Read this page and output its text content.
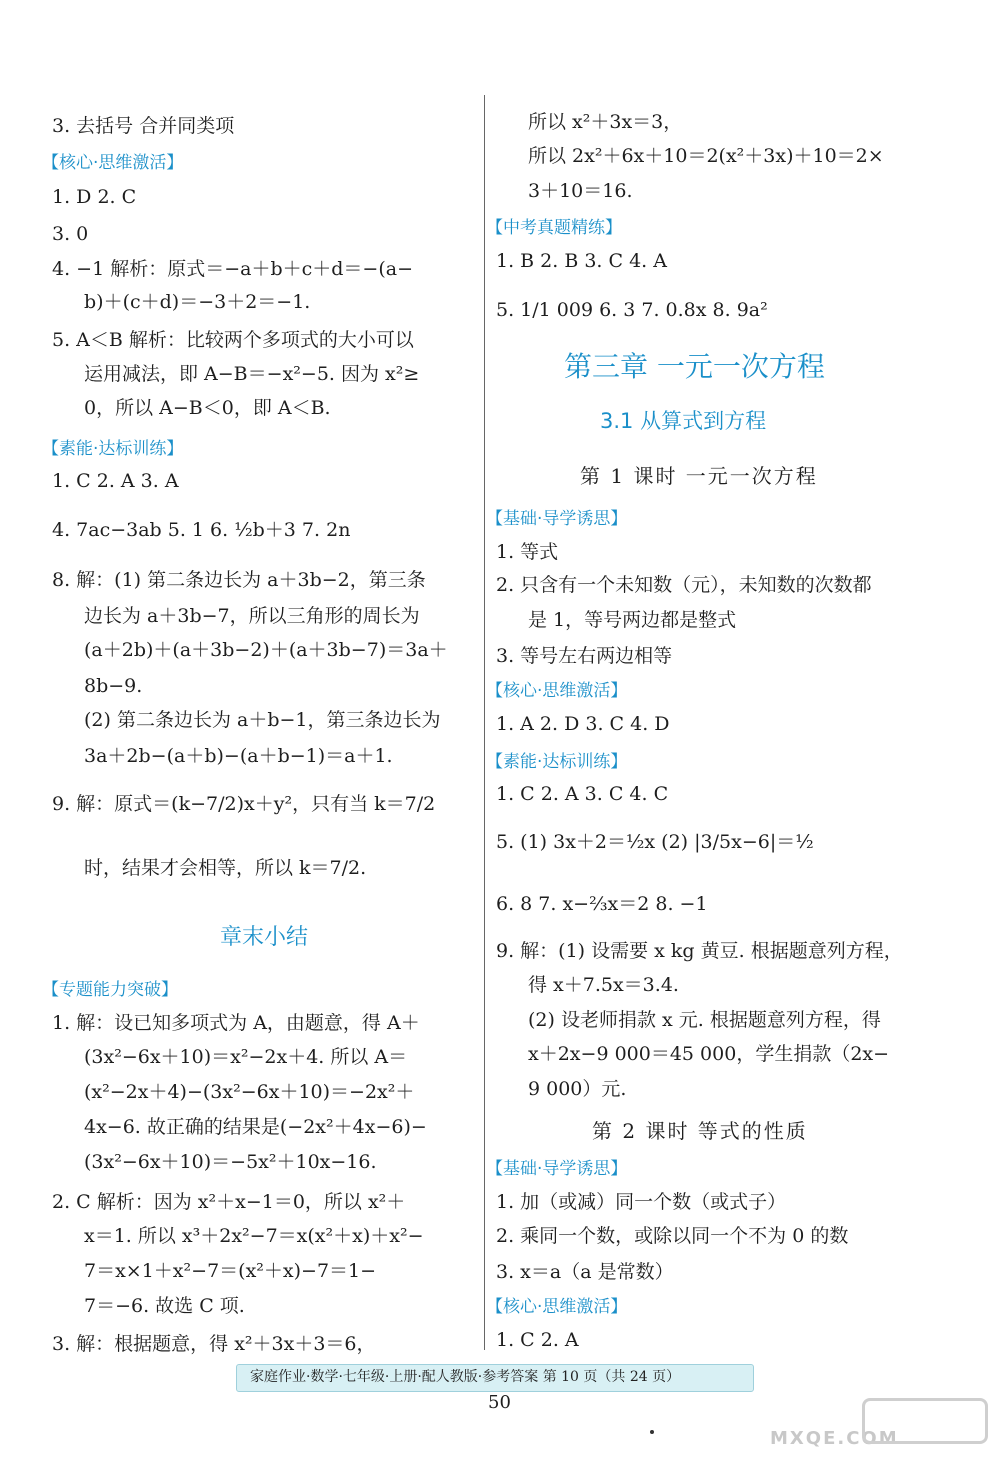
3. 去括号 合并同类项
【核心·思维激活】
1. D 2. C
3. 0
4. −1 解析：原式＝−a＋b＋c＋d＝−(a−
b)＋(c＋d)＝−3＋2＝−1.
5. A＜B 解析：比较两个多项式的大小可以
运用减法，即 A−B＝−x²−5. 因为 x²≥
0，所以 A−B＜0，即 A＜B.
【素能·达标训练】
1. C 2. A 3. A
4. 7ac−3ab 5. 1 6. ½b＋3 7. 2n
8. 解：(1) 第二条边长为 a＋3b−2，第三条
边长为 a＋3b−7，所以三角形的周长为
(a＋2b)＋(a＋3b−2)＋(a＋3b−7)＝3a＋
8b−9.
(2) 第二条边长为 a＋b−1，第三条边长为
3a＋2b−(a＋b)−(a＋b−1)＝a＋1.
9. 解：原式＝(k−7/2)x＋y²，只有当 k＝7/2
时，结果才会相等，所以 k＝7/2.
章末小结
【专题能力突破】
1. 解：设已知多项式为 A，由题意，得 A＋
(3x²−6x＋10)＝x²−2x＋4. 所以 A＝
(x²−2x＋4)−(3x²−6x＋10)＝−2x²＋
4x−6. 故正确的结果是(−2x²＋4x−6)−
(3x²−6x＋10)＝−5x²＋10x−16.
2. C 解析：因为 x²＋x−1＝0，所以 x²＋
x＝1. 所以 x³＋2x²−7＝x(x²＋x)＋x²−
7＝x×1＋x²−7＝(x²＋x)−7＝1−
7＝−6. 故选 C 项.
3. 解：根据题意，得 x²＋3x＋3＝6，
所以 x²＋3x＝3，
所以 2x²＋6x＋10＝2(x²＋3x)＋10＝2×
3＋10＝16.
【中考真题精练】
1. B 2. B 3. C 4. A
5. 1/1 009 6. 3 7. 0.8x 8. 9a²
第三章 一元一次方程
3.1 从算式到方程
第 1 课时 一元一次方程
【基础·导学诱思】
1. 等式
2. 只含有一个未知数（元），未知数的次数都
是 1，等号两边都是整式
3. 等号左右两边相等
【核心·思维激活】
1. A 2. D 3. C 4. D
【素能·达标训练】
1. C 2. A 3. C 4. C
5. (1) 3x＋2＝½x (2) |3/5x−6|＝½
6. 8 7. x−⅔x＝2 8. −1
9. 解：(1) 设需要 x kg 黄豆. 根据题意列方程，
得 x＋7.5x＝3.4.
(2) 设老师捐款 x 元. 根据题意列方程，得
x＋2x−9 000＝45 000，学生捐款（2x−
9 000）元.
第 2 课时 等式的性质
【基础·导学诱思】
1. 加（或减）同一个数（或式子）
2. 乘同一个数，或除以同一个不为 0 的数
3. x＝a（a 是常数）
【核心·思维激活】
1. C 2. A
家庭作业·数学·七年级·上册·配人教版·参考答案 第 10 页（共 24 页）
50
MXQE.COM
